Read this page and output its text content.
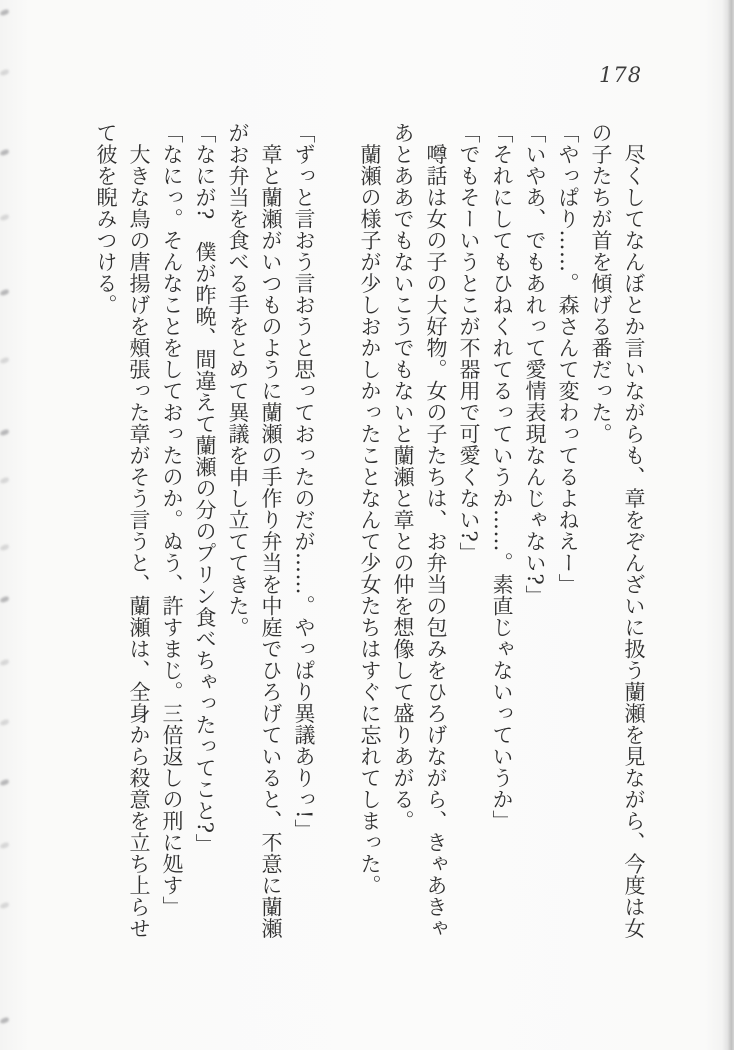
178

　尽くしてなんぼとか言いながらも、章をぞんざいに扱う蘭瀬を見ながら、今度は女

の子たちが首を傾げる番だった。

「やっぱり……。森さんて変わってるよねえー」

「いやあ、でもあれって愛情表現なんじゃない?」

「それにしてもひねくれてるっていうか……。素直じゃないっていうか」

「でもそーいうとこが不器用で可愛くない?」

　噂話は女の子の大好物。女の子たちは、お弁当の包みをひろげながら、きゃあきゃ

あとああでもないこうでもないと蘭瀬と章との仲を想像して盛りあがる。

　蘭瀬の様子が少しおかしかったことなんて少女たちはすぐに忘れてしまった。

「ずっと言おう言おうと思っておったのだが……。やっぱり異議ありっ!」

　章と蘭瀬がいつものように蘭瀬の手作り弁当を中庭でひろげていると、不意に蘭瀬

がお弁当を食べる手をとめて異議を申し立ててきた。

「なにが?　僕が昨晩、間違えて蘭瀬の分のプリン食べちゃったってこと?」

「なにっ。そんなことをしておったのか。ぬう、許すまじ。三倍返しの刑に処す」

　大きな鳥の唐揚げを頰張った章がそう言うと、蘭瀬は、全身から殺意を立ち上らせ

て彼を睨みつける。
